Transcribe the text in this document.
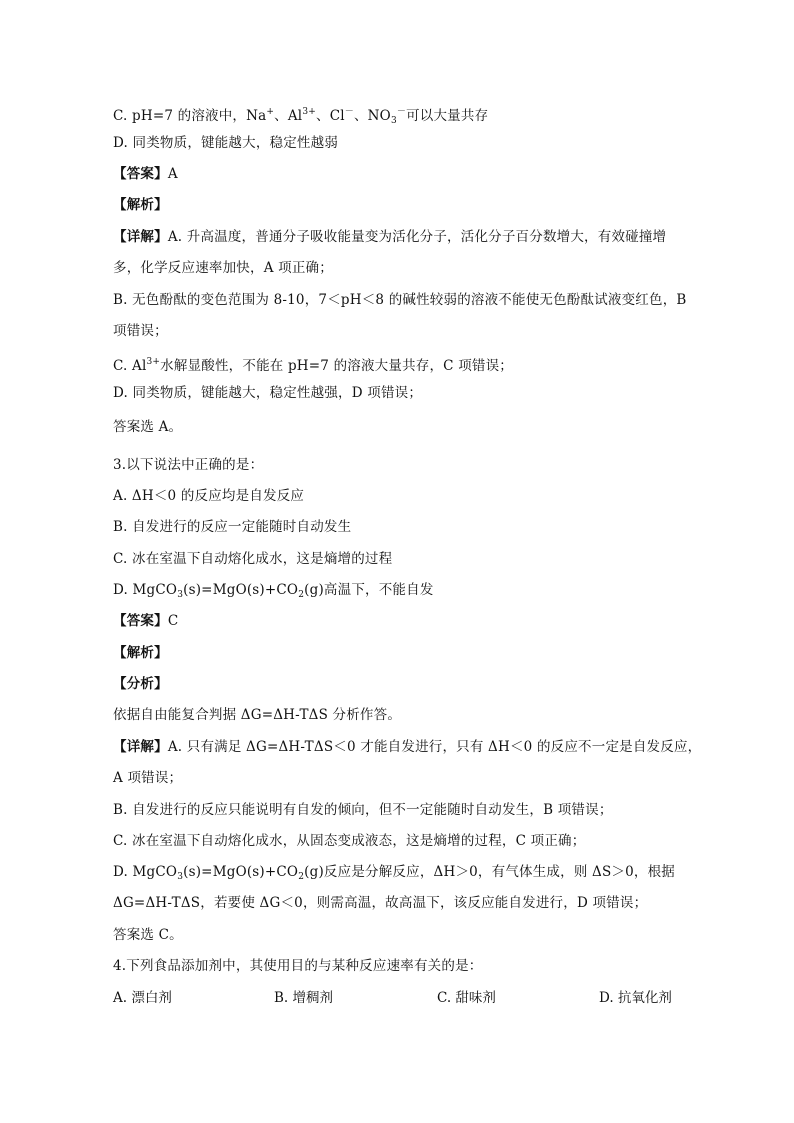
C. pH=7 的溶液中，Na+、$Al^{3+}$、Cl－、$NO_3^-$可以大量共存
D. 同类物质，键能越大，稳定性越弱
【答案】A
【解析】
【详解】A. 升高温度，普通分子吸收能量变为活化分子，活化分子百分数增大，有效碰撞增
多，化学反应速率加快，A 项正确；
B. 无色酚酞的变色范围为 8-10，7＜pH＜8 的碱性较弱的溶液不能使无色酚酞试液变红色，B
项错误；
C. $Al^{3+}$水解显酸性，不能在 pH=7 的溶液大量共存，C 项错误；
D. 同类物质，键能越大，稳定性越强，D 项错误；
答案选 A。
3.以下说法中正确的是：
A. ΔH＜0 的反应均是自发反应
B. 自发进行的反应一定能随时自动发生
C. 冰在室温下自动熔化成水，这是熵增的过程
D. $MgCO_3(s)=MgO(s)+CO_2(g)$高温下，不能自发
【答案】C
【解析】
【分析】
依据自由能复合判据 ΔG=ΔH-TΔS 分析作答。
【详解】A. 只有满足 ΔG=ΔH-TΔS＜0 才能自发进行，只有 ΔH＜0 的反应不一定是自发反应，
A 项错误；
B. 自发进行的反应只能说明有自发的倾向，但不一定能随时自动发生，B 项错误；
C. 冰在室温下自动熔化成水，从固态变成液态，这是熵增的过程，C 项正确；
D. $MgCO_3(s)=MgO(s)+CO_2(g)$反应是分解反应，ΔH＞0，有气体生成，则 ΔS＞0，根据
ΔG=ΔH-TΔS，若要使 ΔG＜0，则需高温，故高温下，该反应能自发进行，D 项错误；
答案选 C。
4.下列食品添加剂中，其使用目的与某种反应速率有关的是：
A. 漂白剂	B. 增稠剂	C. 甜味剂	D. 抗氧化剂
